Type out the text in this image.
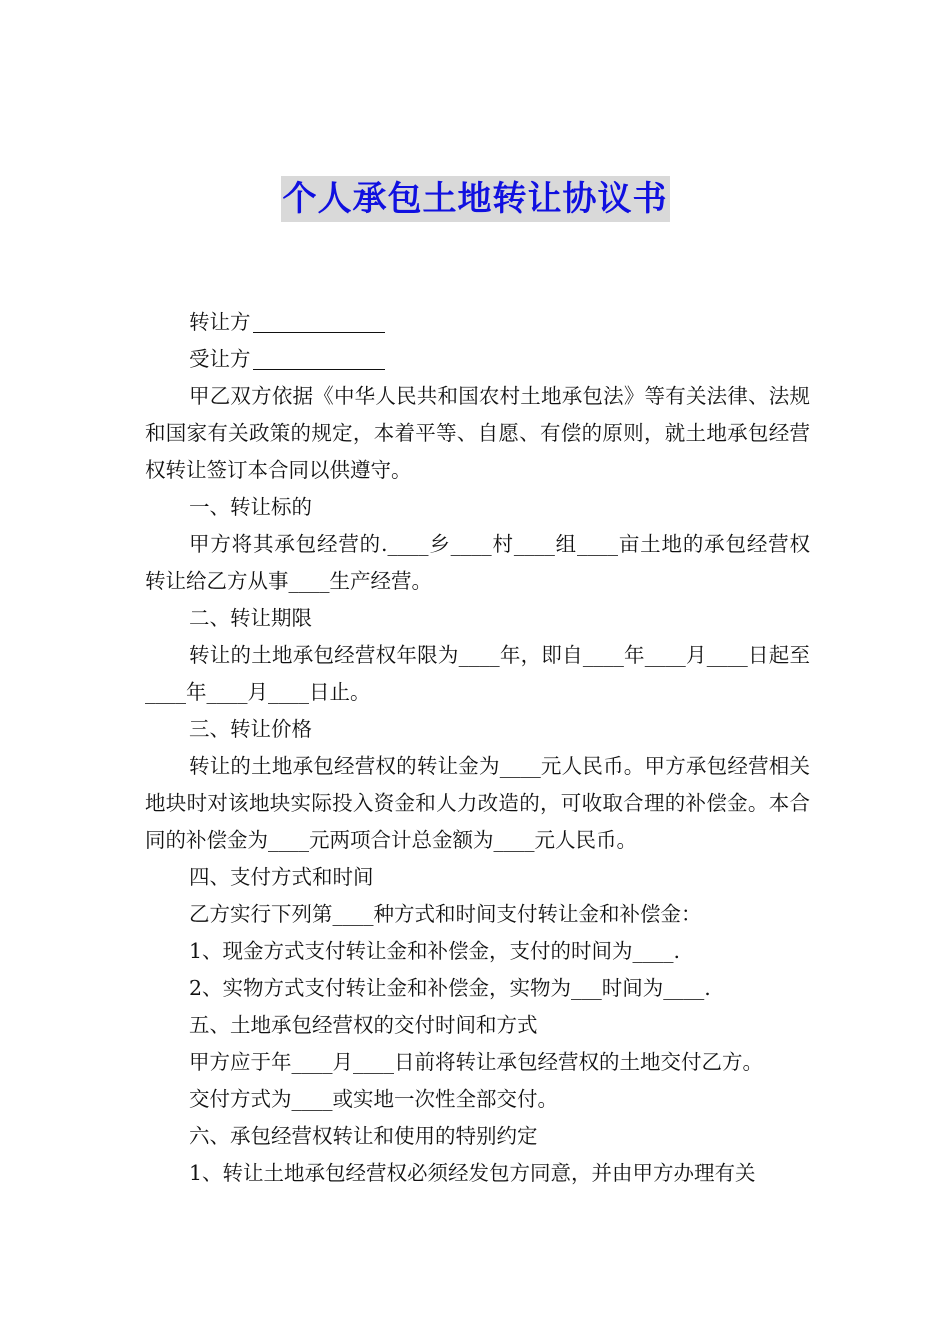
个人承包土地转让协议书

转让方

受让方

甲乙双方依据《中华人民共和国农村土地承包法》等有关法律、法规和国家有关政策的规定，本着平等、自愿、有偿的原则，就土地承包经营权转让签订本合同以供遵守。

一、转让标的

甲方将其承包经营的.____乡____村____组____亩土地的承包经营权转让给乙方从事____生产经营。

二、转让期限

转让的土地承包经营权年限为____年，即自____年____月____日起至____年____月____日止。

三、转让价格

转让的土地承包经营权的转让金为____元人民币。甲方承包经营相关地块时对该地块实际投入资金和人力改造的，可收取合理的补偿金。本合同的补偿金为____元两项合计总金额为____元人民币。

四、支付方式和时间

乙方实行下列第____种方式和时间支付转让金和补偿金：

1、现金方式支付转让金和补偿金，支付的时间为____.

2、实物方式支付转让金和补偿金，实物为___时间为____.

五、土地承包经营权的交付时间和方式

甲方应于年____月____日前将转让承包经营权的土地交付乙方。

交付方式为____或实地一次性全部交付。

六、承包经营权转让和使用的特别约定

1、转让土地承包经营权必须经发包方同意，并由甲方办理有关
